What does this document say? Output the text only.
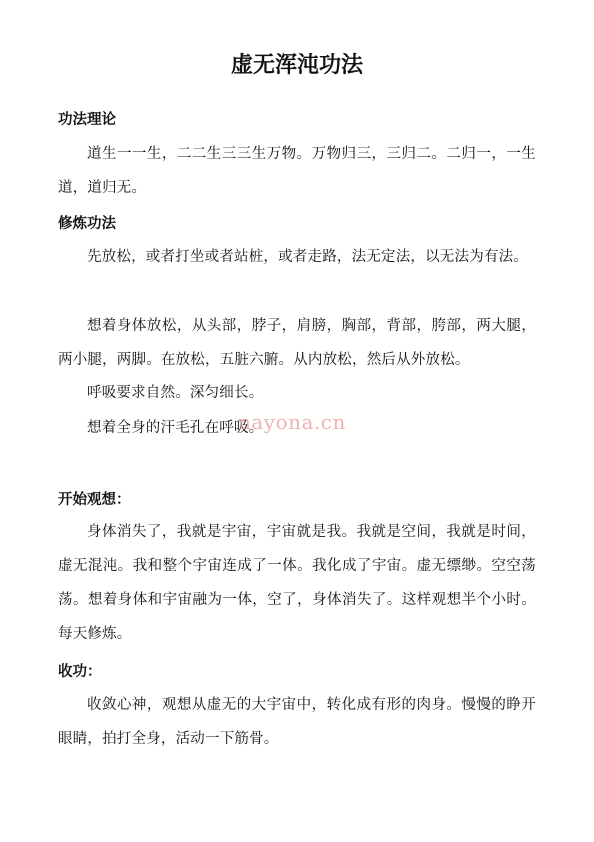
虚无浑沌功法
功法理论

道生一一生，二二生三三生万物。万物归三，三归二。二归一，一生道，道归无。

修炼功法

先放松，或者打坐或者站桩，或者走路，法无定法，以无法为有法。

想着身体放松，从头部，脖子，肩膀，胸部，背部，胯部，两大腿，两小腿，两脚。在放松，五脏六腑。从内放松，然后从外放松。

呼吸要求自然。深匀细长。

想着全身的汗毛孔在呼吸。

开始观想：

身体消失了，我就是宇宙，宇宙就是我。我就是空间，我就是时间，虚无混沌。我和整个宇宙连成了一体。我化成了宇宙。虚无缥缈。空空荡荡。想着身体和宇宙融为一体，空了，身体消失了。这样观想半个小时。每天修炼。

收功：

收敛心神，观想从虚无的大宇宙中，转化成有形的肉身。慢慢的睁开眼睛，拍打全身，活动一下筋骨。

nayona.cn
